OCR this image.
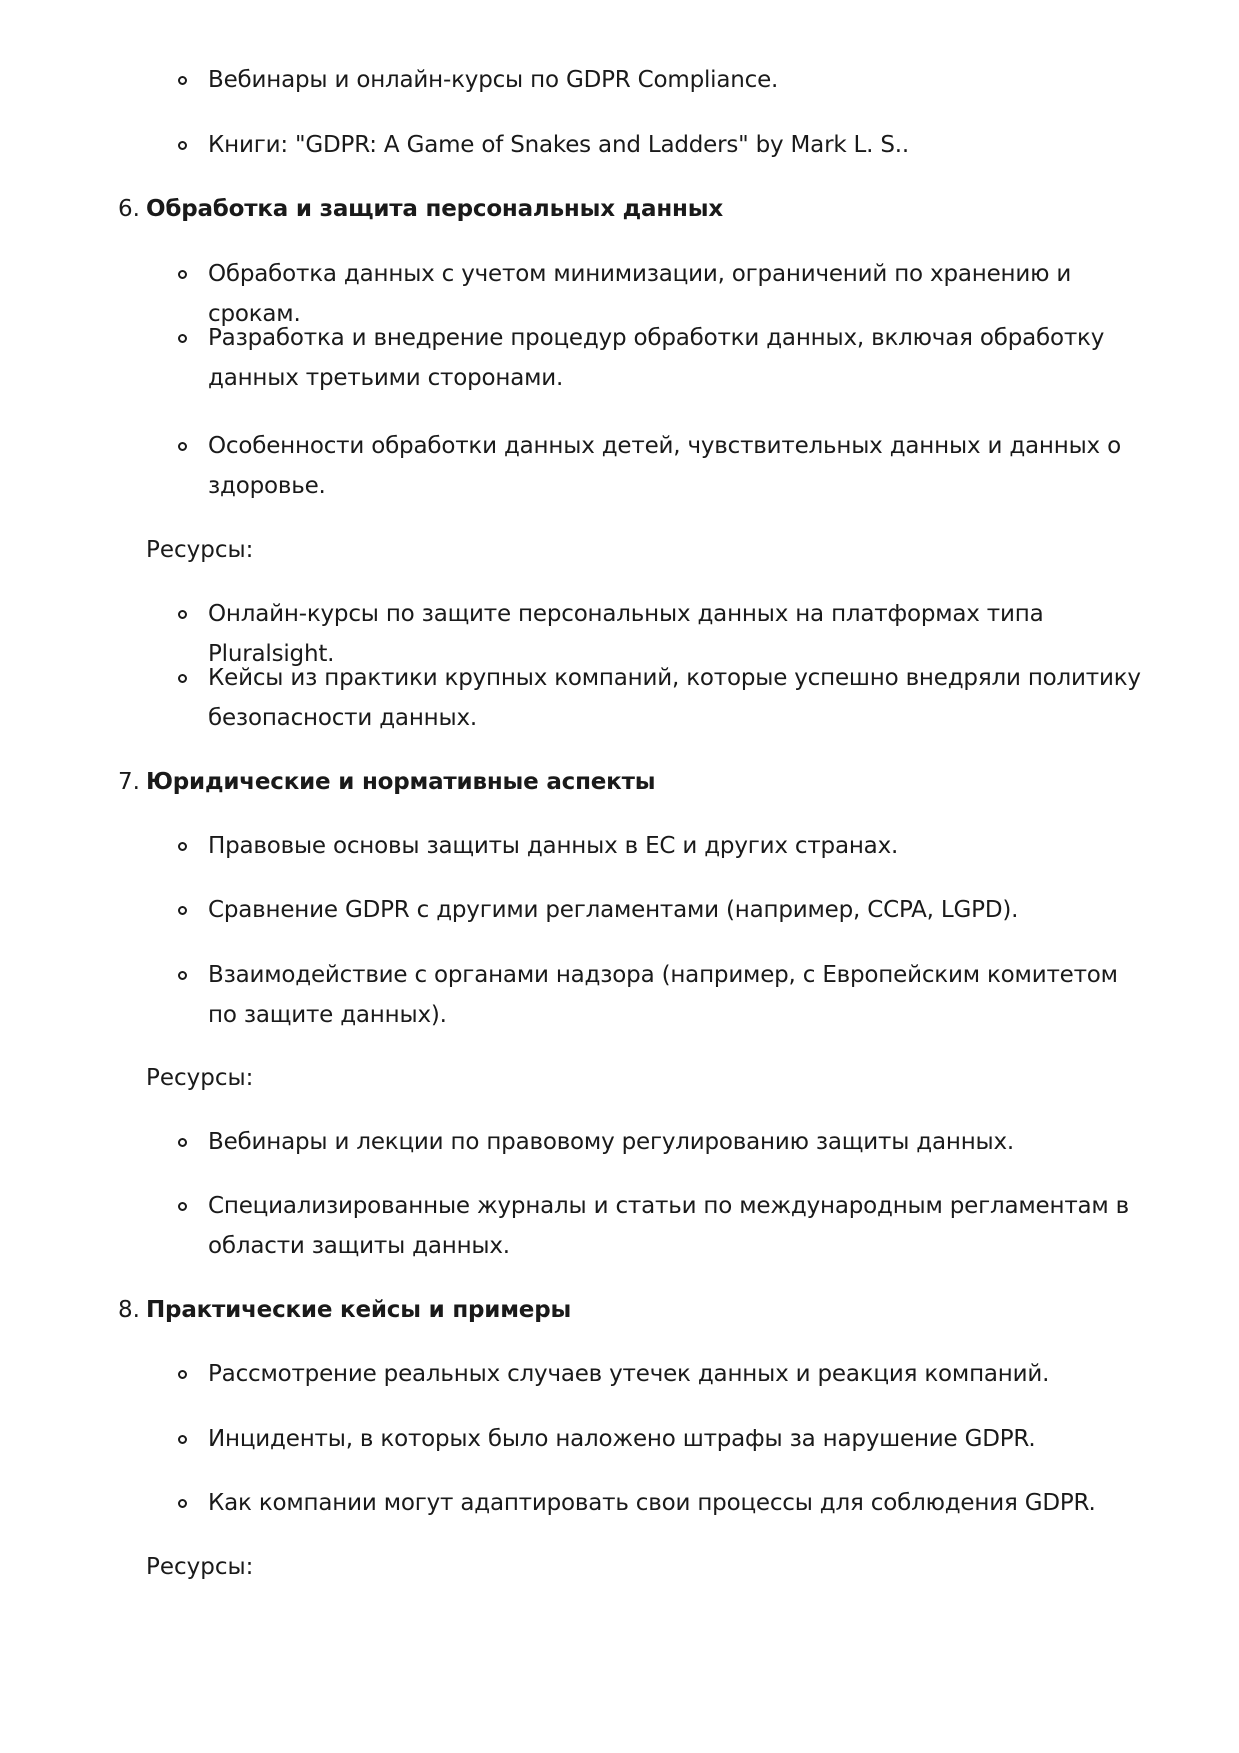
Вебинары и онлайн-курсы по GDPR Compliance.
Книги: "GDPR: A Game of Snakes and Ladders" by Mark L. S..
6. Обработка и защита персональных данных
Обработка данных с учетом минимизации, ограничений по хранению и срокам.
Разработка и внедрение процедур обработки данных, включая обработку данных третьими сторонами.
Особенности обработки данных детей, чувствительных данных и данных о здоровье.
Ресурсы:
Онлайн-курсы по защите персональных данных на платформах типа Pluralsight.
Кейсы из практики крупных компаний, которые успешно внедряли политику безопасности данных.
7. Юридические и нормативные аспекты
Правовые основы защиты данных в ЕС и других странах.
Сравнение GDPR с другими регламентами (например, CCPA, LGPD).
Взаимодействие с органами надзора (например, с Европейским комитетом по защите данных).
Ресурсы:
Вебинары и лекции по правовому регулированию защиты данных.
Специализированные журналы и статьи по международным регламентам в области защиты данных.
8. Практические кейсы и примеры
Рассмотрение реальных случаев утечек данных и реакция компаний.
Инциденты, в которых было наложено штрафы за нарушение GDPR.
Как компании могут адаптировать свои процессы для соблюдения GDPR.
Ресурсы:
